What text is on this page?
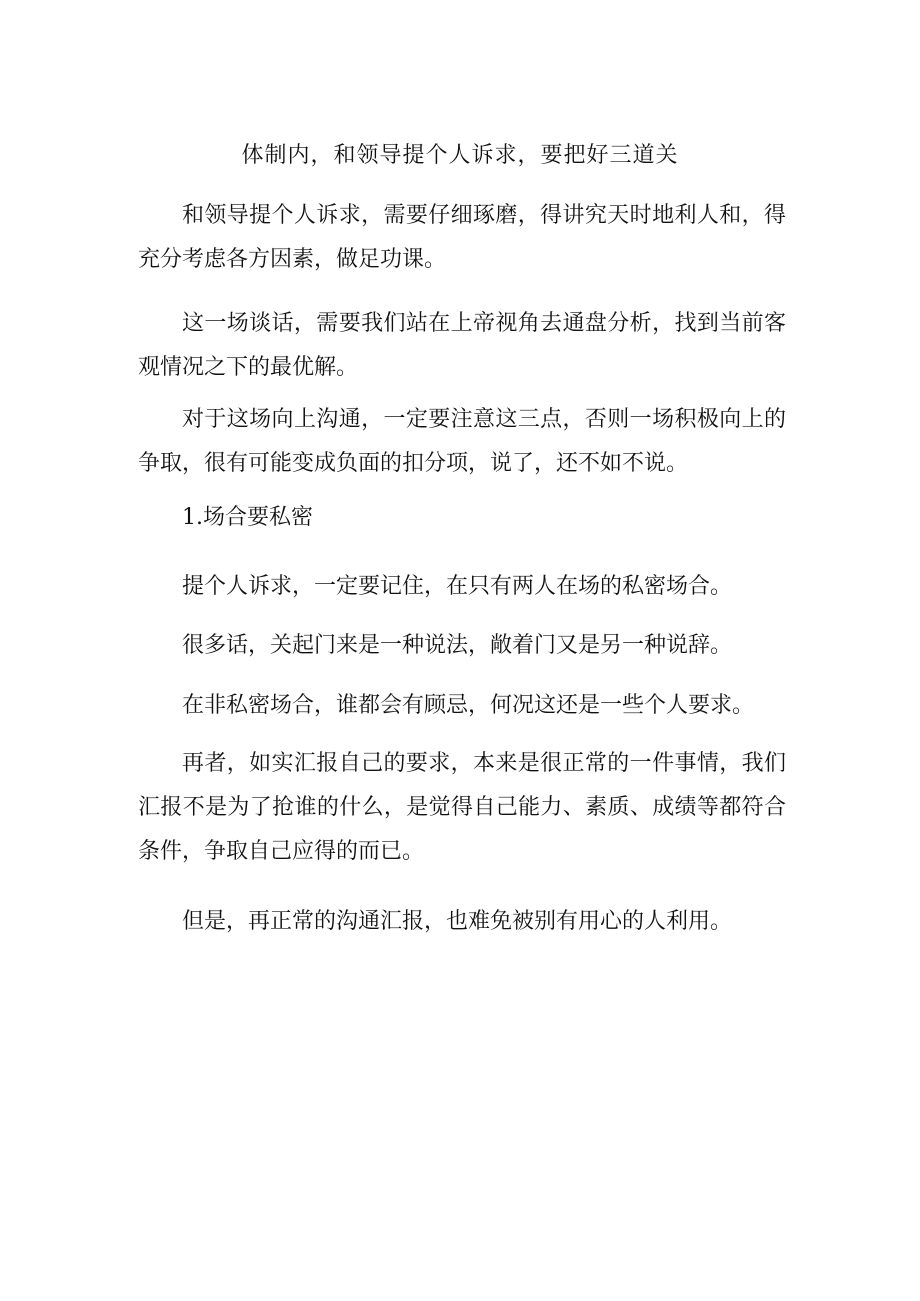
体制内，和领导提个人诉求，要把好三道关

和领导提个人诉求，需要仔细琢磨，得讲究天时地利人和，得充分考虑各方因素，做足功课。

这一场谈话，需要我们站在上帝视角去通盘分析，找到当前客观情况之下的最优解。

对于这场向上沟通，一定要注意这三点，否则一场积极向上的争取，很有可能变成负面的扣分项，说了，还不如不说。

1.场合要私密

提个人诉求，一定要记住，在只有两人在场的私密场合。

很多话，关起门来是一种说法，敞着门又是另一种说辞。

在非私密场合，谁都会有顾忌，何况这还是一些个人要求。

再者，如实汇报自己的要求，本来是很正常的一件事情，我们汇报不是为了抢谁的什么，是觉得自己能力、素质、成绩等都符合条件，争取自己应得的而已。

但是，再正常的沟通汇报，也难免被别有用心的人利用。
